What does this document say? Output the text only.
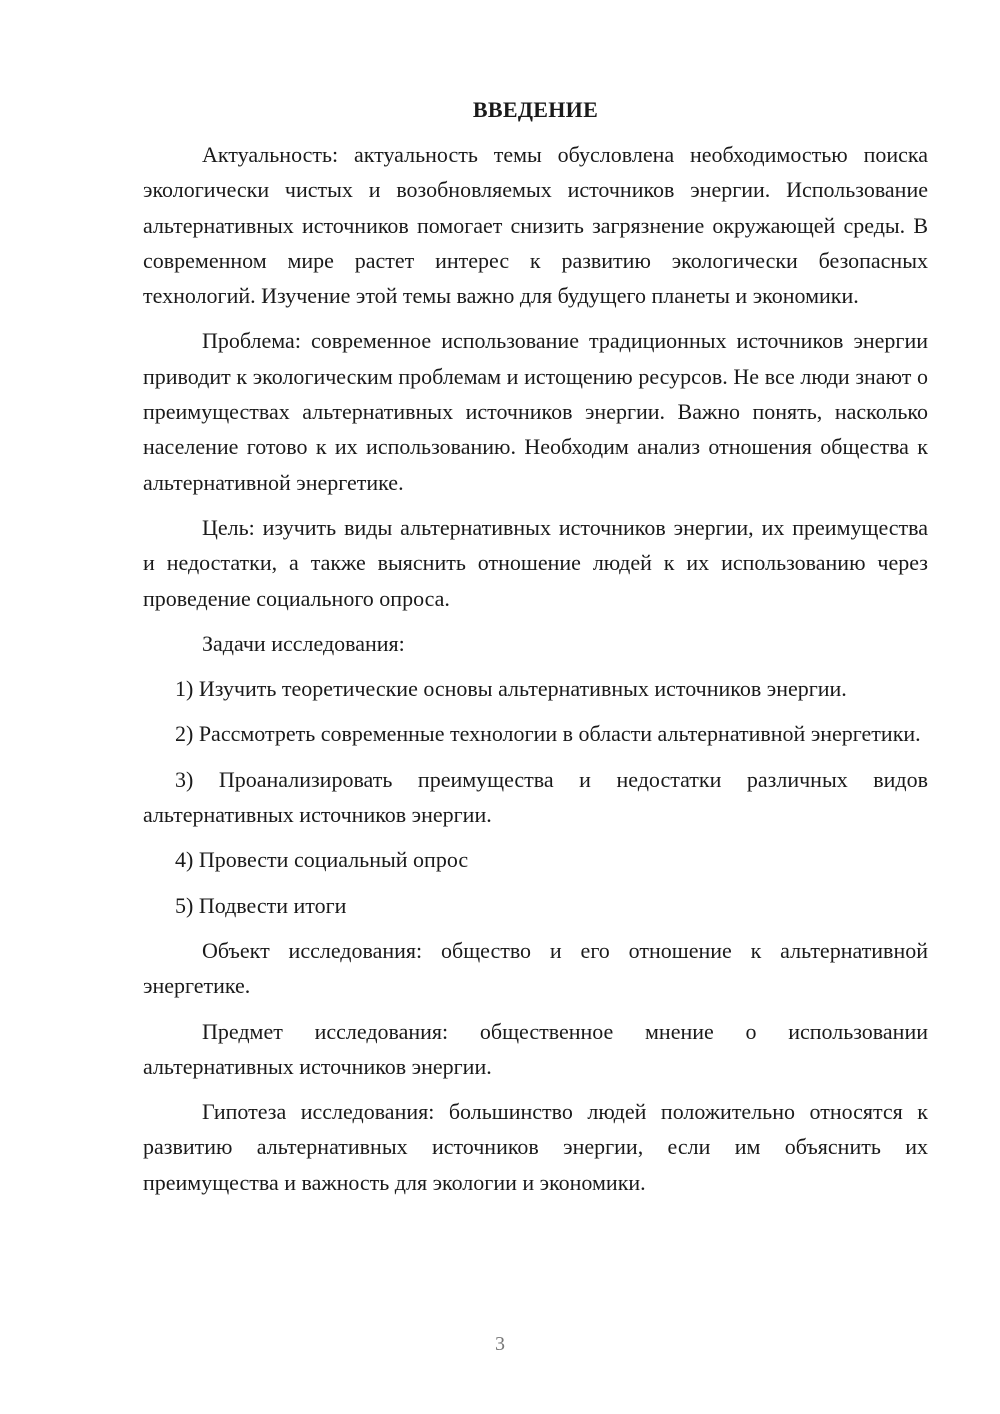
ВВЕДЕНИЕ

Актуальность: актуальность темы обусловлена необходимостью поиска экологически чистых и возобновляемых источников энергии. Использование альтернативных источников помогает снизить загрязнение окружающей среды. В современном мире растет интерес к развитию экологически безопасных технологий. Изучение этой темы важно для будущего планеты и экономики.

Проблема: современное использование традиционных источников энергии приводит к экологическим проблемам и истощению ресурсов. Не все люди знают о преимуществах альтернативных источников энергии. Важно понять, насколько население готово к их использованию. Необходим анализ отношения общества к альтернативной энергетике.

Цель: изучить виды альтернативных источников энергии, их преимущества и недостатки, а также выяснить отношение людей к их использованию через проведение социального опроса.

Задачи исследования:

1) Изучить теоретические основы альтернативных источников энергии.

2) Рассмотреть современные технологии в области альтернативной энергетики.

3) Проанализировать преимущества и недостатки различных видов альтернативных источников энергии.

4) Провести социальный опрос

5) Подвести итоги

Объект исследования: общество и его отношение к альтернативной энергетике.

Предмет исследования: общественное мнение о использовании альтернативных источников энергии.

Гипотеза исследования: большинство людей положительно относятся к развитию альтернативных источников энергии, если им объяснить их преимущества и важность для экологии и экономики.

3
